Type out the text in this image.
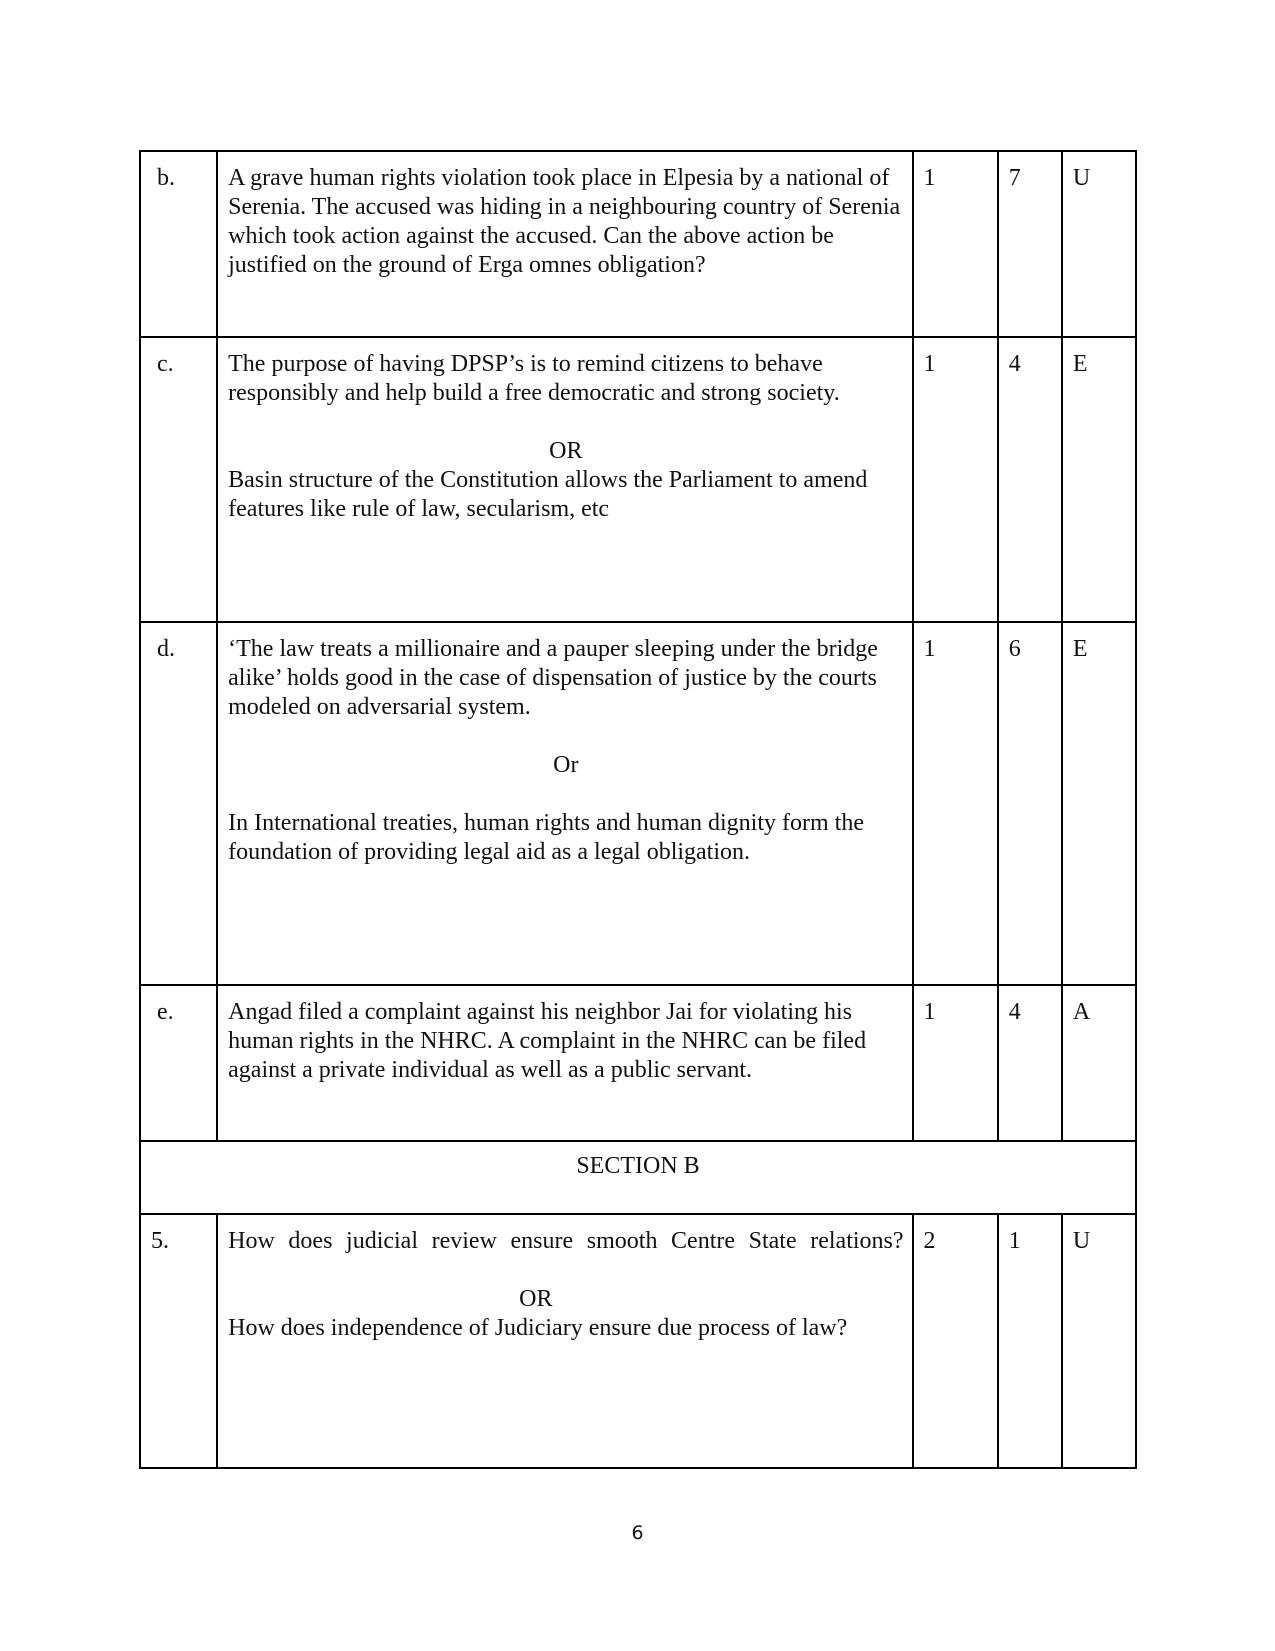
b.	A grave human rights violation took place in Elpesia by a national of Serenia. The accused was hiding in a neighbouring country of Serenia which took action against the accused. Can the above action be justified on the ground of Erga omnes obligation?	1	7	U
c.	The purpose of having DPSP’s is to remind citizens to behave responsibly and help build a free democratic and strong society.

OR

Basin structure of the Constitution allows the Parliament to amend features like rule of law, secularism, etc	1	4	E
d.	‘The law treats a millionaire and a pauper sleeping under the bridge alike’ holds good in the case of dispensation of justice by the courts modeled on adversarial system.

Or

In International treaties, human rights and human dignity form the foundation of providing legal aid as a legal obligation.	1	6	E
e.	Angad filed a complaint against his neighbor Jai for violating his human rights in the NHRC. A complaint in the NHRC can be filed against a private individual as well as a public servant.	1	4	A
SECTION B				
5.	How does judicial review ensure smooth Centre State relations?

OR

How does independence of Judiciary ensure due process of law?	2	1	U
6
